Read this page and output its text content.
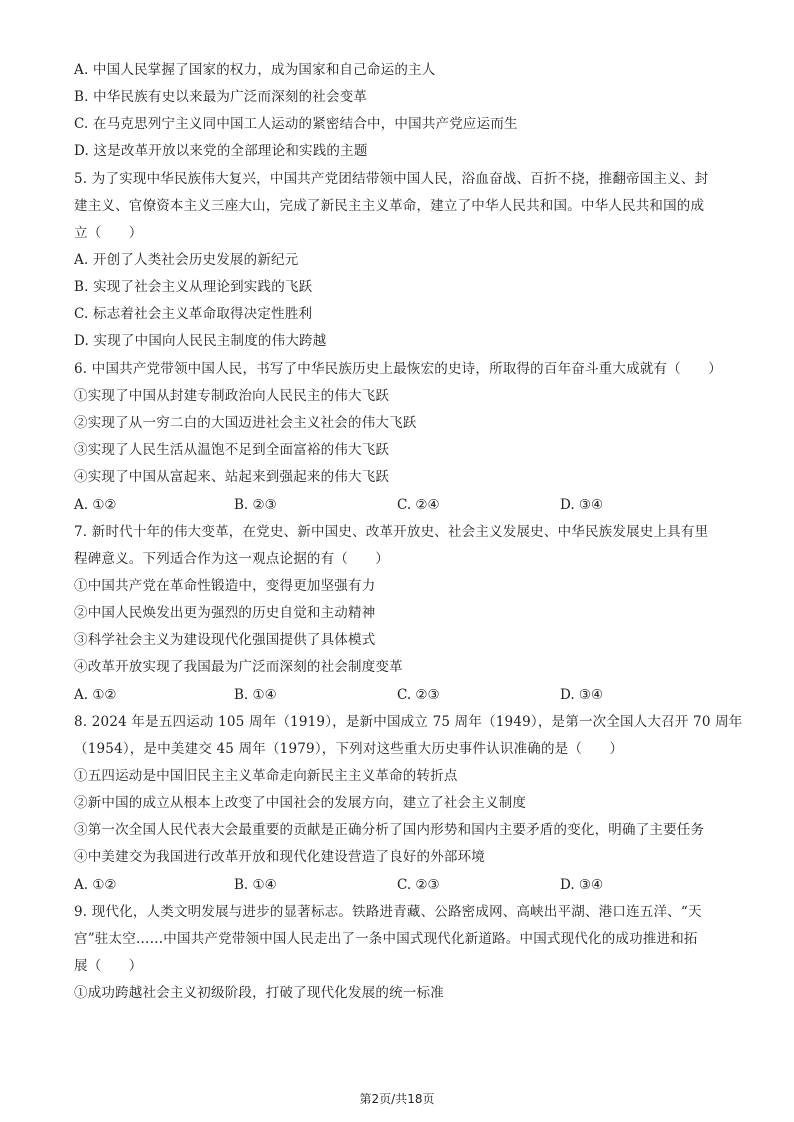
A. 中国人民掌握了国家的权力，成为国家和自己命运的主人
B. 中华民族有史以来最为广泛而深刻的社会变革
C. 在马克思列宁主义同中国工人运动的紧密结合中，中国共产党应运而生
D. 这是改革开放以来党的全部理论和实践的主题
5. 为了实现中华民族伟大复兴，中国共产党团结带领中国人民，浴血奋战、百折不挠，推翻帝国主义、封
建主义、官僚资本主义三座大山，完成了新民主主义革命，建立了中华人民共和国。中华人民共和国的成
立（　　）
A. 开创了人类社会历史发展的新纪元
B. 实现了社会主义从理论到实践的飞跃
C. 标志着社会主义革命取得决定性胜利
D. 实现了中国向人民民主制度的伟大跨越
6. 中国共产党带领中国人民，书写了中华民族历史上最恢宏的史诗，所取得的百年奋斗重大成就有（　　）
①实现了中国从封建专制政治向人民民主的伟大飞跃
②实现了从一穷二白的大国迈进社会主义社会的伟大飞跃
③实现了人民生活从温饱不足到全面富裕的伟大飞跃
④实现了中国从富起来、站起来到强起来的伟大飞跃
A. ①②	B. ②③	C. ②④	D. ③④
7. 新时代十年的伟大变革，在党史、新中国史、改革开放史、社会主义发展史、中华民族发展史上具有里
程碑意义。下列适合作为这一观点论据的有（　　）
①中国共产党在革命性锻造中，变得更加坚强有力
②中国人民焕发出更为强烈的历史自觉和主动精神
③科学社会主义为建设现代化强国提供了具体模式
④改革开放实现了我国最为广泛而深刻的社会制度变革
A. ①②	B. ①④	C. ②③	D. ③④
8. 2024 年是五四运动 105 周年（1919），是新中国成立 75 周年（1949），是第一次全国人大召开 70 周年
（1954），是中美建交 45 周年（1979），下列对这些重大历史事件认识准确的是（　　）
①五四运动是中国旧民主主义革命走向新民主主义革命的转折点
②新中国的成立从根本上改变了中国社会的发展方向，建立了社会主义制度
③第一次全国人民代表大会最重要的贡献是正确分析了国内形势和国内主要矛盾的变化，明确了主要任务
④中美建交为我国进行改革开放和现代化建设营造了良好的外部环境
A. ①②	B. ①④	C. ②③	D. ③④
9. 现代化，人类文明发展与进步的显著标志。铁路进青藏、公路密成网、高峡出平湖、港口连五洋、“天
宫”驻太空……中国共产党带领中国人民走出了一条中国式现代化新道路。中国式现代化的成功推进和拓
展（　　）
①成功跨越社会主义初级阶段，打破了现代化发展的统一标准
第2页/共18页
